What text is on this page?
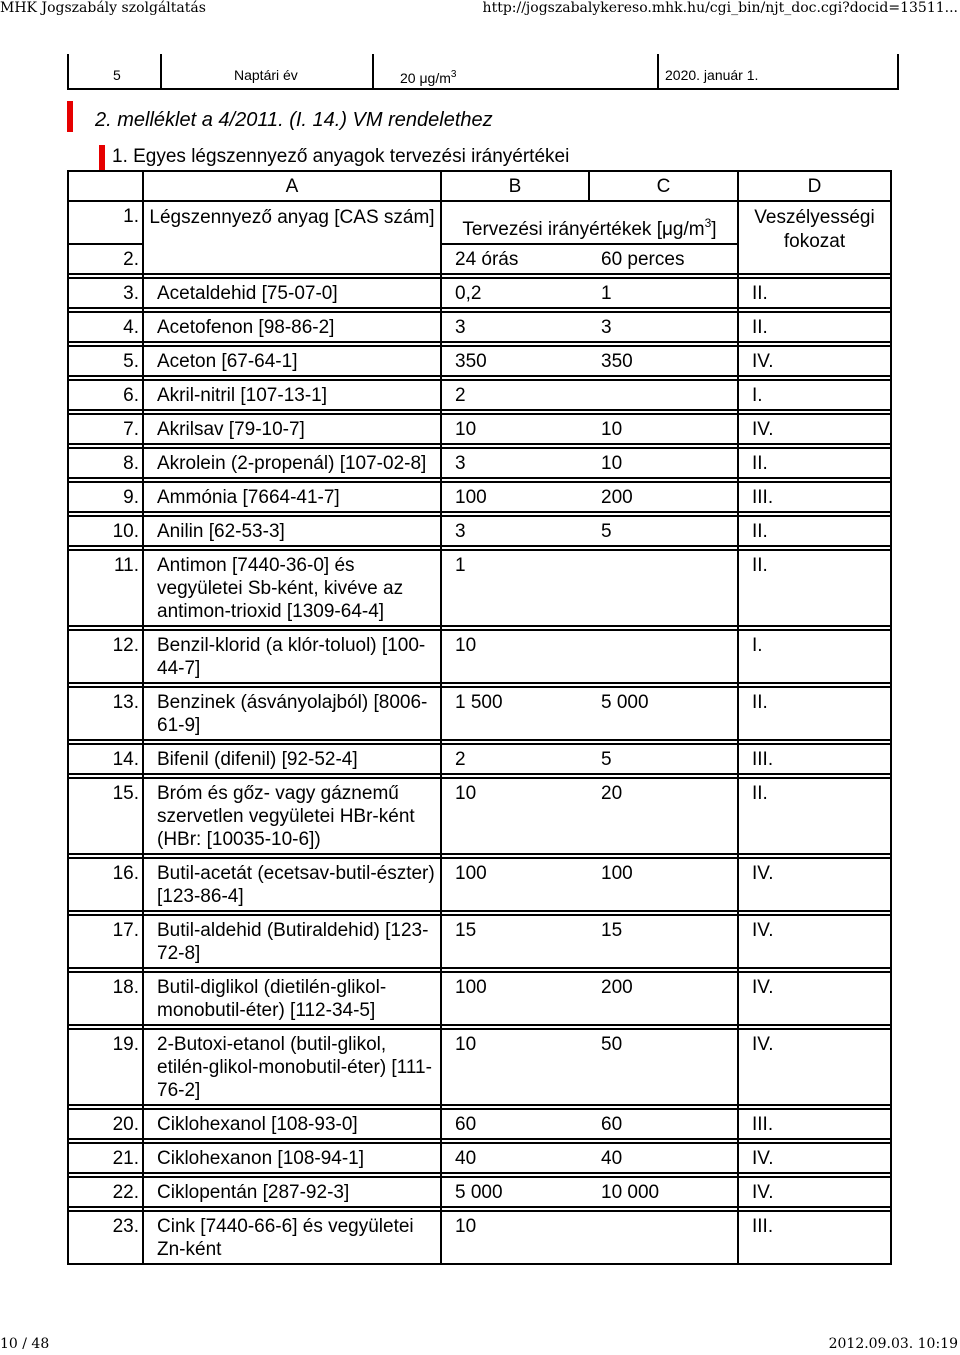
MHK Jogszabály szolgáltatás	http://jogszabalykereso.mhk.hu/cgi_bin/njt_doc.cgi?docid=13511...
5	Naptári év	20 $\mu g/m^3$	2020. január 1.
2. melléklet a 4/2011. (I. 14.) VM rendelethez
1. Egyes légszennyező anyagok tervezési irányértékei
	A	B	C	D
1.	Légszennyező anyag [CAS szám]	Tervezési irányértékek $[\mu g/m^3]$		Veszélyességi fokozat
2.		24 órás	60 perces	

3.	Acetaldehid [75-07-0]	0,2	1	II.

4.	Acetofenon [98-86-2]	3	3	II.

5.	Aceton [67-64-1]	350	350	IV.

6.	Akril-nitril [107-13-1]	2		I.

7.	Akrilsav [79-10-7]	10	10	IV.

8.	Akrolein (2-propenál) [107-02-8]	3	10	II.

9.	Ammónia [7664-41-7]	100	200	III.

10.	Anilin [62-53-3]	3	5	II.

11.	Antimon [7440-36-0] és vegyületei Sb-ként, kivéve az antimon-trioxid [1309-64-4]	1		II.

12.	Benzil-klorid (a klór-toluol) [100-44-7]	10		I.

13.	Benzinek (ásványolajból) [8006-61-9]	1 500	5 000	II.

14.	Bifenil (difenil) [92-52-4]	2	5	III.

15.	Bróm és gőz- vagy gáznemű szervetlen vegyületei HBr-ként (HBr: [10035-10-6])	10	20	II.

16.	Butil-acetát (ecetsav-butil-észter) [123-86-4]	100	100	IV.

17.	Butil-aldehid (Butiraldehid) [123-72-8]	15	15	IV.

18.	Butil-diglikol (dietilén-glikol-monobutil-éter) [112-34-5]	100	200	IV.

19.	2-Butoxi-etanol (butil-glikol, etilén-glikol-monobutil-éter) [111-76-2]	10	50	IV.

20.	Ciklohexanol [108-93-0]	60	60	III.

21.	Ciklohexanon [108-94-1]	40	40	IV.

22.	Ciklopentán [287-92-3]	5 000	10 000	IV.

23.	Cink [7440-66-6] és vegyületei Zn-ként	10		III.
10 / 48	2012.09.03. 10:19
